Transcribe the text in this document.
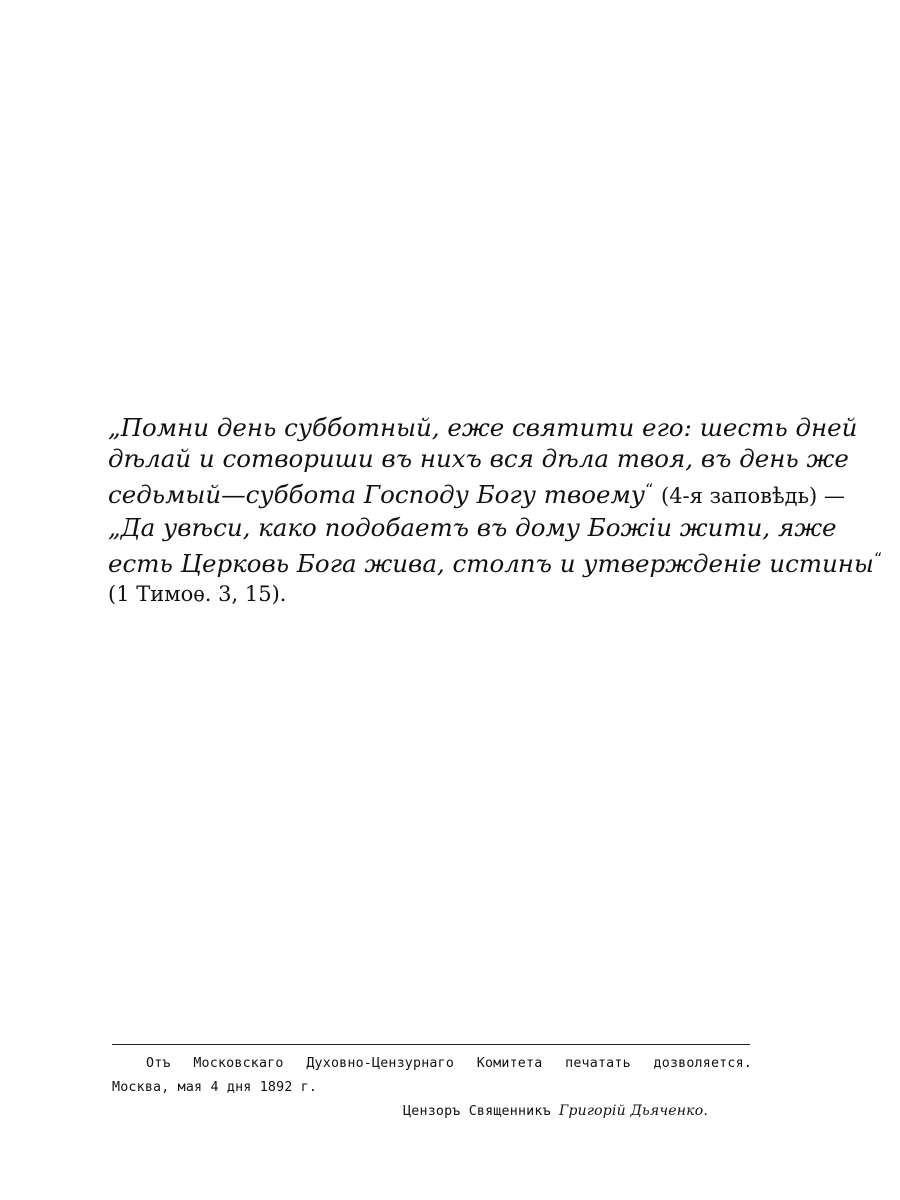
„Помни день субботный, еже святити его: шесть дней
дѣлай и сотвориши въ нихъ вся дѣла твоя, въ день же
седьмый—суббота Господу Богу твоему“ (4-я заповѣдь) —
„Да увѣси, како подобаетъ въ дому Божіи жити, яже
есть Церковь Бога жива, столпъ и утвержденіе истины“
(1 Тимоѳ. 3, 15).
Отъ Московскаго Духовно-Цензурнаго Комитета печатать дозволяется.
Москва, мая 4 дня 1892 г.
Цензоръ Священникъ Григорій Дьяченко.
